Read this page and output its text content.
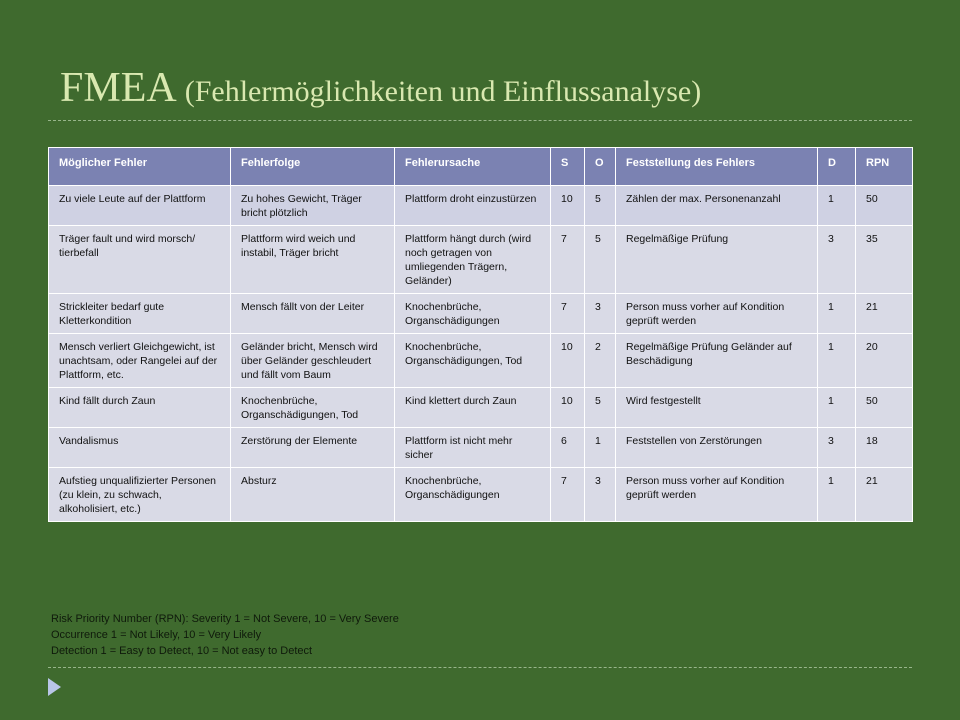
FMEA (Fehlermöglichkeiten und Einflussanalyse)
Möglicher Fehler	Fehlerfolge	Fehlerursache	S	O	Feststellung des Fehlers	D	RPN
Zu viele Leute auf der Plattform	Zu hohes Gewicht, Träger bricht plötzlich	Plattform droht einzustürzen	10	5	Zählen der max. Personenanzahl	1	50
Träger fault und wird morsch/ tierbefall	Plattform wird weich und instabil, Träger bricht	Plattform hängt durch (wird noch getragen von umliegenden Trägern, Geländer)	7	5	Regelmäßige Prüfung	3	35
Strickleiter bedarf gute Kletterkondition	Mensch fällt von der Leiter	Knochenbrüche, Organschädigungen	7	3	Person muss vorher auf Kondition geprüft werden	1	21
Mensch verliert Gleichgewicht, ist unachtsam, oder Rangelei auf der Plattform, etc.	Geländer bricht, Mensch wird über Geländer geschleudert und fällt vom Baum	Knochenbrüche, Organschädigungen, Tod	10	2	Regelmäßige Prüfung Geländer auf Beschädigung	1	20
Kind fällt durch Zaun	Knochenbrüche, Organschädigungen, Tod	Kind klettert durch Zaun	10	5	Wird festgestellt	1	50
Vandalismus	Zerstörung der Elemente	Plattform ist nicht mehr sicher	6	1	Feststellen von Zerstörungen	3	18
Aufstieg unqualifizierter Personen (zu klein, zu schwach, alkoholisiert, etc.)	Absturz	Knochenbrüche, Organschädigungen	7	3	Person muss vorher auf Kondition geprüft werden	1	21
Risk Priority Number (RPN): Severity 1 = Not Severe, 10 = Very Severe
Occurrence 1 = Not Likely, 10 = Very Likely
Detection 1 = Easy to Detect, 10 = Not easy to Detect
